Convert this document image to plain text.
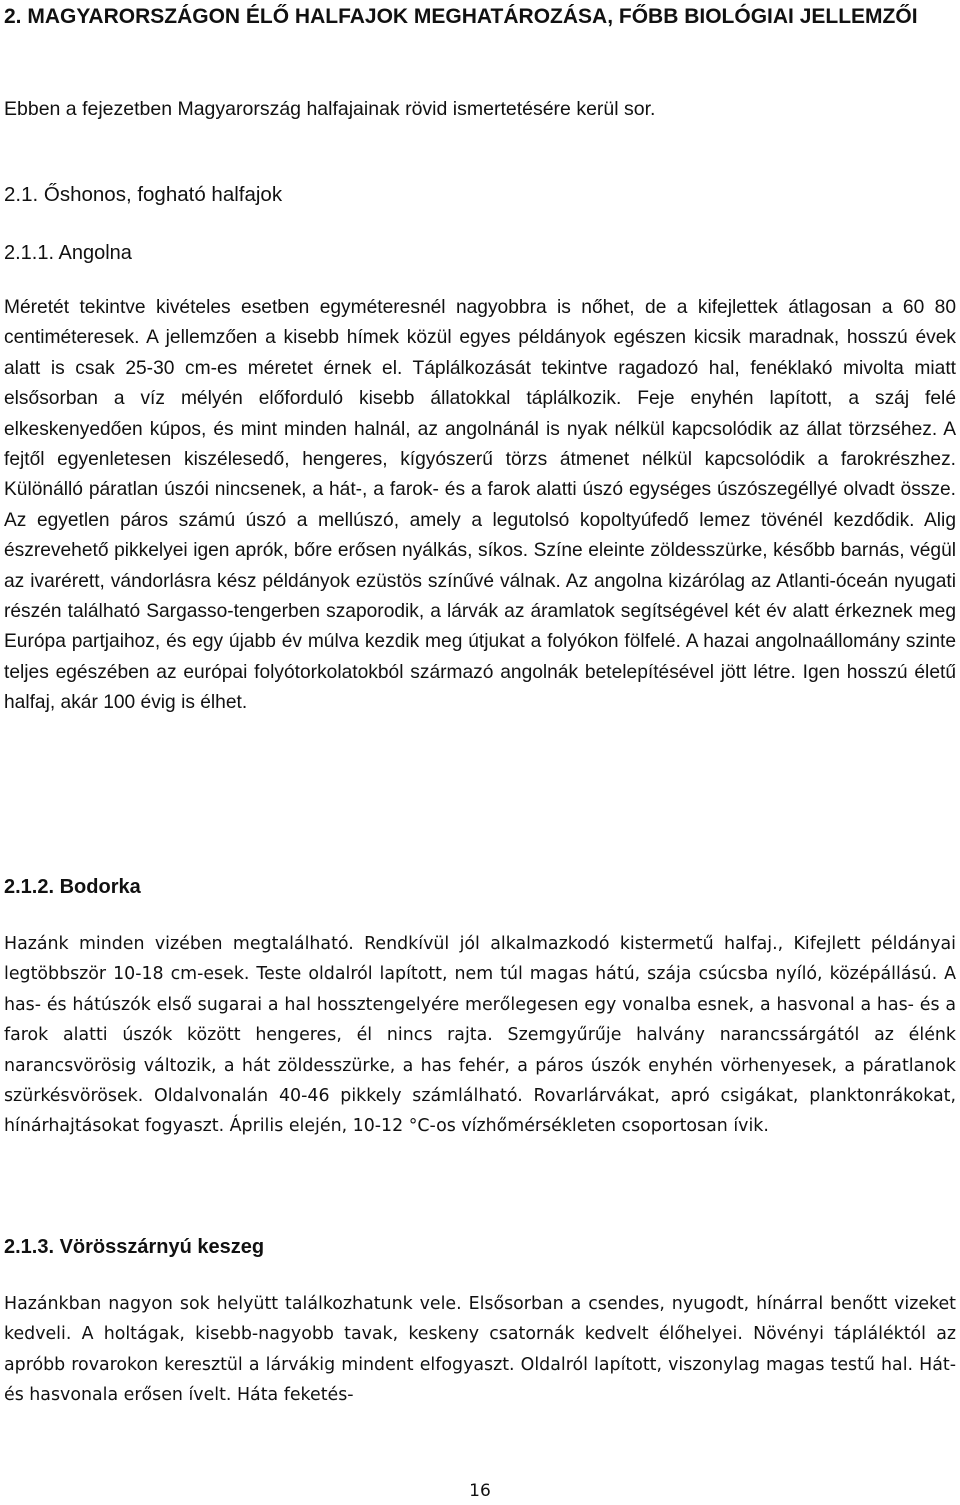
2. MAGYARORSZÁGON ÉLŐ HALFAJOK MEGHATÁROZÁSA, FŐBB BIOLÓGIAI JELLEMZŐI

Ebben a fejezetben Magyarország halfajainak rövid ismertetésére kerül sor.

2.1. Őshonos, fogható halfajok
2.1.1. Angolna

Méretét tekintve kivételes esetben egyméteresnél nagyobbra is nőhet, de a kifejlettek átlagosan a 60 80 centiméteresek. A jellemzően a kisebb hímek közül egyes példányok egészen kicsik maradnak, hosszú évek alatt is csak 25-30 cm-es méretet érnek el. Táplálkozását tekintve ragadozó hal, fenéklakó mivolta miatt elsősorban a víz mélyén előforduló kisebb állatokkal táplálkozik. Feje enyhén lapított, a száj felé elkeskenyedően kúpos, és mint minden halnál, az angolnánál is nyak nélkül kapcsolódik az állat törzséhez. A fejtől egyenletesen kiszélesedő, hengeres, kígyószerű törzs átmenet nélkül kapcsolódik a farokrészhez. Különálló páratlan úszói nincsenek, a hát-, a farok- és a farok alatti úszó egységes úszószegéllyé olvadt össze. Az egyetlen páros számú úszó a mellúszó, amely a legutolsó kopoltyúfedő lemez tövénél kezdődik. Alig észrevehető pikkelyei igen aprók, bőre erősen nyálkás, síkos. Színe eleinte zöldesszürke, később barnás, végül az ivarérett, vándorlásra kész példányok ezüstös színűvé válnak. Az angolna kizárólag az Atlanti-óceán nyugati részén található Sargasso-tengerben szaporodik, a lárvák az áramlatok segítségével két év alatt érkeznek meg Európa partjaihoz, és egy újabb év múlva kezdik meg útjukat a folyókon fölfelé. A hazai angolnaállomány szinte teljes egészében az európai folyótorkolatokból származó angolnák betelepítésével jött létre. Igen hosszú életű halfaj, akár 100 évig is élhet.

2.1.2. Bodorka

Hazánk minden vizében megtalálható. Rendkívül jól alkalmazkodó kistermetű halfaj., Kifejlett példányai legtöbbször 10-18 cm-esek. Teste oldalról lapított, nem túl magas hátú, szája csúcsba nyíló, középállású. A has- és hátúszók első sugarai a hal hossztengelyére merőlegesen egy vonalba esnek, a hasvonal a has- és a farok alatti úszók között hengeres, él nincs rajta. Szemgyűrűje halvány narancssárgától az élénk narancsvörösig változik, a hát zöldesszürke, a has fehér, a páros úszók enyhén vörhenyesek, a páratlanok szürkésvörösek. Oldalvonalán 40-46 pikkely számlálható. Rovarlárvákat, apró csigákat, planktonrákokat, hínárhajtásokat fogyaszt. Április elején, 10-12 °C-os vízhőmérsékleten csoportosan ívik.

2.1.3. Vörösszárnyú keszeg

Hazánkban nagyon sok helyütt találkozhatunk vele. Elsősorban a csendes, nyugodt, hínárral benőtt vizeket kedveli. A holtágak, kisebb-nagyobb tavak, keskeny csatornák kedvelt élőhelyei. Növényi tápláléktól az apróbb rovarokon keresztül a lárvákig mindent elfogyaszt. Oldalról lapított, viszonylag magas testű hal. Hát- és hasvonala erősen ívelt. Háta feketés-

16
